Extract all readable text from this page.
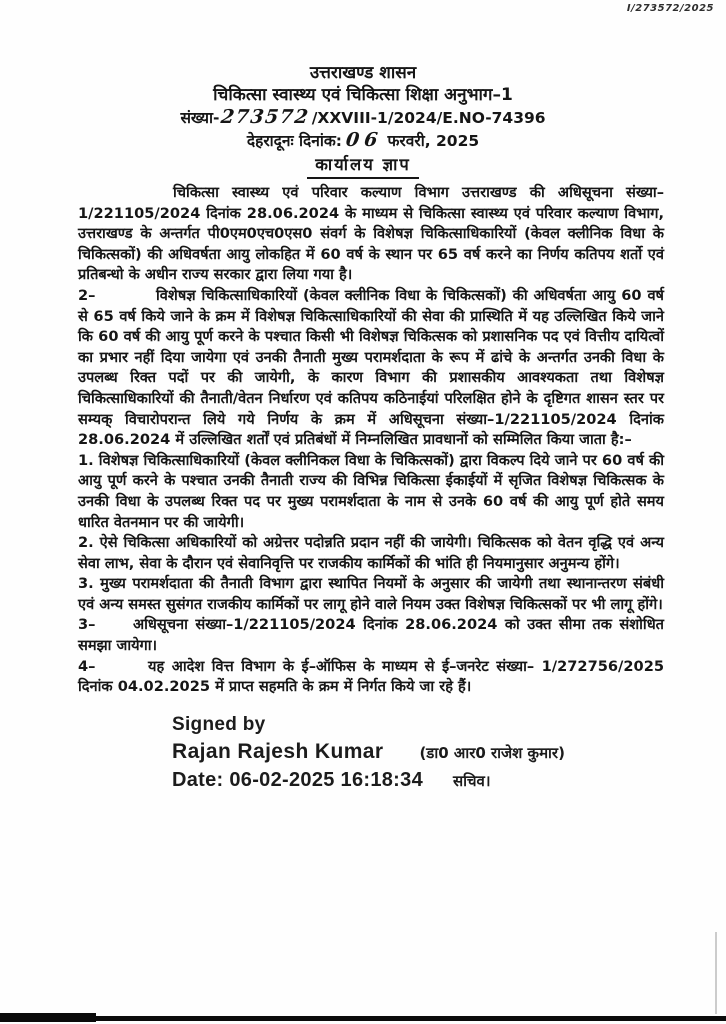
I/273572/2025
उत्तराखण्ड शासन
चिकित्सा स्वास्थ्य एवं चिकित्सा शिक्षा अनुभाग–1
संख्या-273572/XXVIII-1/2024/E.NO-74396
देहरादूनः दिनांक: 06 फरवरी, 2025
कार्यालय ज्ञाप

चिकित्सा स्वास्थ्य एवं परिवार कल्याण विभाग उत्तराखण्ड की अधिसूचना संख्या–1/221105/2024 दिनांक 28.06.2024 के माध्यम से चिकित्सा स्वास्थ्य एवं परिवार कल्याण विभाग, उत्तराखण्ड के अन्तर्गत पी0एम0एच0एस0 संवर्ग के विशेषज्ञ चिकित्साधिकारियों (केवल क्लीनिक विधा के चिकित्सकों) की अधिवर्षता आयु लोकहित में 60 वर्ष के स्थान पर 65 वर्ष करने का निर्णय कतिपय शर्तो एवं प्रतिबन्धो के अधीन राज्य सरकार द्वारा लिया गया है।

2–	विशेषज्ञ चिकित्साधिकारियों (केवल क्लीनिक विधा के चिकित्सकों) की अधिवर्षता आयु 60 वर्ष से 65 वर्ष किये जाने के क्रम में विशेषज्ञ चिकित्साधिकारियों की सेवा की प्रास्थिति में यह उल्लिखित किये जाने कि 60 वर्ष की आयु पूर्ण करने के पश्चात किसी भी विशेषज्ञ चिकित्सक को प्रशासनिक पद एवं वित्तीय दायित्वों का प्रभार नहीं दिया जायेगा एवं उनकी तैनाती मुख्य परामर्शदाता के रूप में ढांचे के अन्तर्गत उनकी विधा के उपलब्ध रिक्त पदों पर की जायेगी, के कारण विभाग की प्रशासकीय आवश्यकता तथा विशेषज्ञ चिकित्साधिकारियों की तैनाती/वेतन निर्धारण एवं कतिपय कठिनाईयां परिलक्षित होने के दृष्टिगत शासन स्तर पर सम्यक् विचारोपरान्त लिये गये निर्णय के क्रम में अधिसूचना संख्या–1/221105/2024 दिनांक 28.06.2024 में उल्लिखित शर्तों एवं प्रतिबंधों में निम्नलिखित प्रावधानों को सम्मिलित किया जाता है:–

1. विशेषज्ञ चिकित्साधिकारियों (केवल क्लीनिकल विधा के चिकित्सकों) द्वारा विकल्प दिये जाने पर 60 वर्ष की आयु पूर्ण करने के पश्चात उनकी तैनाती राज्य की विभिन्न चिकित्सा ईकाईयों में सृजित विशेषज्ञ चिकित्सक के उनकी विधा के उपलब्ध रिक्त पद पर मुख्य परामर्शदाता के नाम से उनके 60 वर्ष की आयु पूर्ण होते समय धारित वेतनमान पर की जायेगी।

2. ऐसे चिकित्सा अधिकारियों को अग्रेत्तर पदोन्नति प्रदान नहीं की जायेगी। चिकित्सक को वेतन वृद्धि एवं अन्य सेवा लाभ, सेवा के दौरान एवं सेवानिवृत्ति पर राजकीय कार्मिकों की भांति ही नियमानुसार अनुमन्य होंगे।

3. मुख्य परामर्शदाता की तैनाती विभाग द्वारा स्थापित नियमों के अनुसार की जायेगी तथा स्थानान्तरण संबंधी एवं अन्य समस्त सुसंगत राजकीय कार्मिकों पर लागू होने वाले नियम उक्त विशेषज्ञ चिकित्सकों पर भी लागू होंगे।

3–	अधिसूचना संख्या–1/221105/2024 दिनांक 28.06.2024 को उक्त सीमा तक संशोधित समझा जायेगा।

4–	यह आदेश वित्त विभाग के ई–ऑफिस के माध्यम से ई–जनरेट संख्या– 1/272756/2025 दिनांक 04.02.2025 में प्राप्त सहमति के क्रम में निर्गत किये जा रहे हैं।

Signed by
Rajan Rajesh Kumar (डा0 आर0 राजेश कुमार)
Date: 06-02-2025 16:18:34 सचिव।
